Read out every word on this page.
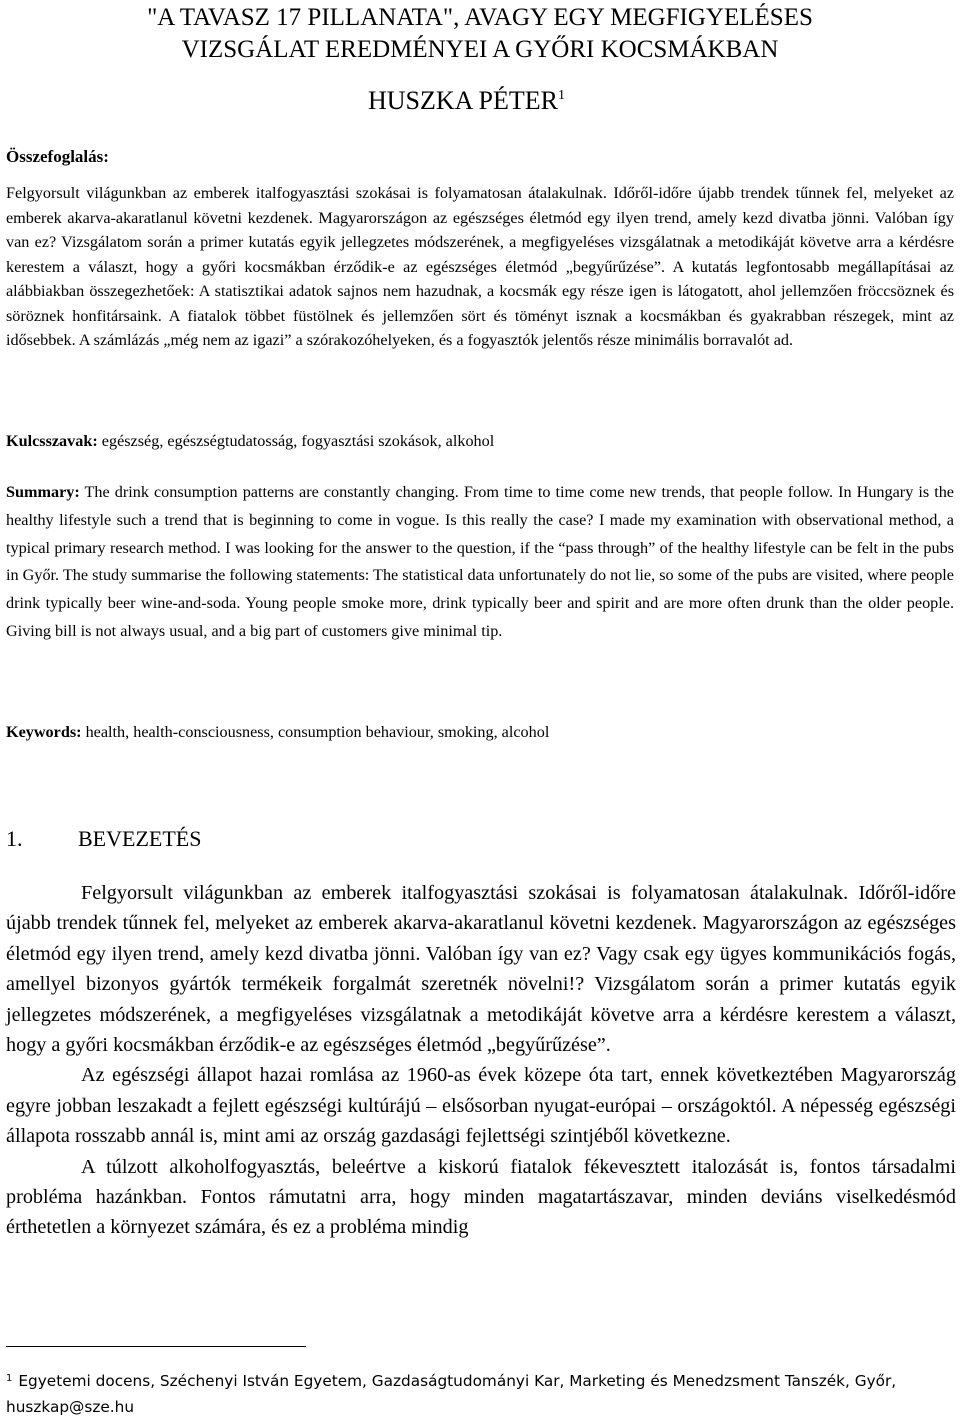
"A TAVASZ 17 PILLANATA", AVAGY EGY MEGFIGYELÉSES
VIZSGÁLAT EREDMÉNYEI A GYŐRI KOCSMÁKBAN
HUSZKA PÉTER$^1$
Összefoglalás:
Felgyorsult világunkban az emberek italfogyasztási szokásai is folyamatosan átalakulnak. Időről-időre újabb trendek tűnnek fel, melyeket az emberek akarva-akaratlanul követni kezdenek. Magyarországon az egészséges életmód egy ilyen trend, amely kezd divatba jönni. Valóban így van ez? Vizsgálatom során a primer kutatás egyik jellegzetes módszerének, a megfigyeléses vizsgálatnak a metodikáját követve arra a kérdésre kerestem a választ, hogy a győri kocsmákban érződik-e az egészséges életmód „begyűrűzése”. A kutatás legfontosabb megállapításai az alábbiakban összegezhetőek: A statisztikai adatok sajnos nem hazudnak, a kocsmák egy része igen is látogatott, ahol jellemzően fröccsöznek és söröznek honfitársaink. A fiatalok többet füstölnek és jellemzően sört és töményt isznak a kocsmákban és gyakrabban részegek, mint az idősebbek. A számlázás „még nem az igazi” a szórakozóhelyeken, és a fogyasztók jelentős része minimális borravalót ad.
Kulcsszavak: egészség, egészségtudatosság, fogyasztási szokások, alkohol
Summary: The drink consumption patterns are constantly changing. From time to time come new trends, that people follow. In Hungary is the healthy lifestyle such a trend that is beginning to come in vogue. Is this really the case? I made my examination with observational method, a typical primary research method. I was looking for the answer to the question, if the “pass through” of the healthy lifestyle can be felt in the pubs in Győr. The study summarise the following statements: The statistical data unfortunately do not lie, so some of the pubs are visited, where people drink typically beer wine-and-soda. Young people smoke more, drink typically beer and spirit and are more often drunk than the older people. Giving bill is not always usual, and a big part of customers give minimal tip.
Keywords: health, health-consciousness, consumption behaviour, smoking, alcohol
1.	BEVEZETÉS

Felgyorsult világunkban az emberek italfogyasztási szokásai is folyamatosan átalakulnak. Időről-időre újabb trendek tűnnek fel, melyeket az emberek akarva-akaratlanul követni kezdenek. Magyarországon az egészséges életmód egy ilyen trend, amely kezd divatba jönni. Valóban így van ez? Vagy csak egy ügyes kommunikációs fogás, amellyel bizonyos gyártók termékeik forgalmát szeretnék növelni!? Vizsgálatom során a primer kutatás egyik jellegzetes módszerének, a megfigyeléses vizsgálatnak a metodikáját követve arra a kérdésre kerestem a választ, hogy a győri kocsmákban érződik-e az egészséges életmód „begyűrűzése”.

Az egészségi állapot hazai romlása az 1960-as évek közepe óta tart, ennek következtében Magyarország egyre jobban leszakadt a fejlett egészségi kultúrájú – elsősorban nyugat-európai – országoktól. A népesség egészségi állapota rosszabb annál is, mint ami az ország gazdasági fejlettségi szintjéből következne.

A túlzott alkoholfogyasztás, beleértve a kiskorú fiatalok fékevesztett italozását is, fontos társadalmi probléma hazánkban. Fontos rámutatni arra, hogy minden magatartászavar, minden deviáns viselkedésmód érthetetlen a környezet számára, és ez a probléma mindig

$^1$ Egyetemi docens, Széchenyi István Egyetem, Gazdaságtudományi Kar, Marketing és Menedzsment Tanszék, Győr, huszkap@sze.hu
